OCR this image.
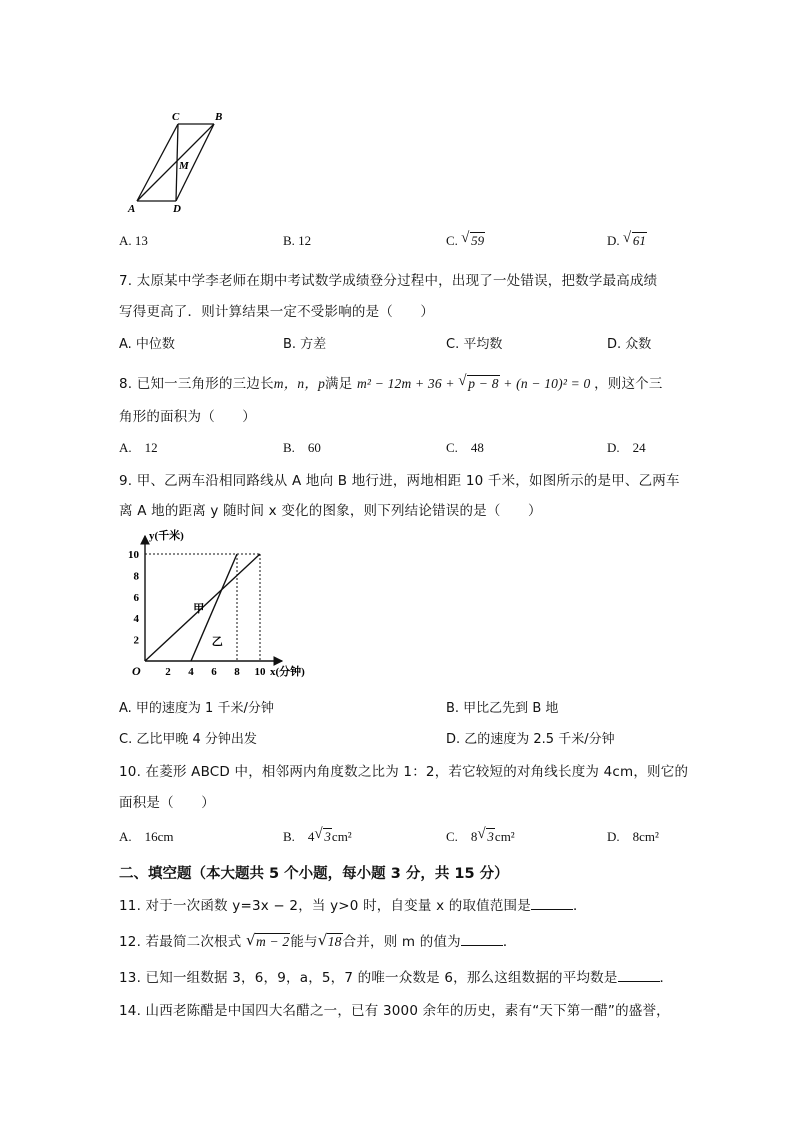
C	B
M
A	D
A. 13	B. 12	C. √ 59	D. √ 61
7. 太原某中学李老师在期中考试数学成绩登分过程中，出现了一处错误，把数学最高成绩
写得更高了．则计算结果一定不受影响的是（　　）
A. 中位数	B. 方差	C. 平均数	D. 众数
8. 已知一三角形的三边长m，n，p满足 m² − 12m + 36 + √ p − 8 + (n − 10)² = 0 ，则这个三
角形的面积为（　　）
A.　12	B.　60	C.　48	D.　24
9. 甲、乙两车沿相同路线从 A 地向 B 地行进，两地相距 10 千米，如图所示的是甲、乙两车
离 A 地的距离 y 随时间 x 变化的图象，则下列结论错误的是（　　）
2 4 6 8 10
2
4
6
8
10
甲
乙
y(千米)
x(分钟)
O
A. 甲的速度为 1 千米/分钟	B. 甲比乙先到 B 地
C. 乙比甲晚 4 分钟出发	D. 乙的速度为 2.5 千米/分钟
10. 在菱形 ABCD 中，相邻两内角度数之比为 1：2，若它较短的对角线长度为 4cm，则它的
面积是（　　）
A.　16cm	B.　4 √ 3cm²	C.　8 √ 3cm²	D.　8cm²
二、填空题（本大题共 5 个小题，每小题 3 分，共 15 分）
11. 对于一次函数 y=3x − 2，当 y>0 时，自变量 x 的取值范围是	．
12. 若最简二次根式 √ m − 2能与 √ 18合并，则 m 的值为	．
13. 已知一组数据 3，6，9，a，5，7 的唯一众数是 6，那么这组数据的平均数是	．
14. 山西老陈醋是中国四大名醋之一，已有 3000 余年的历史，素有“天下第一醋”的盛誉，
